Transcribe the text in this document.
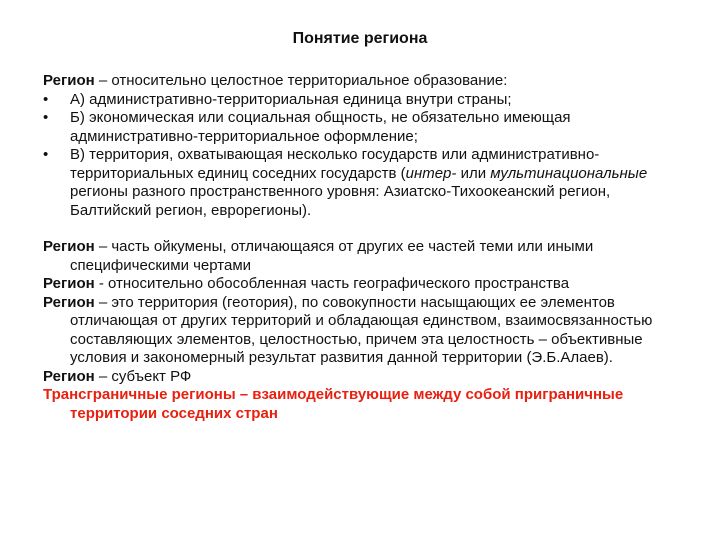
Понятие региона

Регион – относительно целостное территориальное образование:

• А) административно-территориальная единица внутри страны;
• Б) экономическая или социальная общность, не обязательно имеющая административно-территориальное оформление;
• В) территория, охватывающая несколько государств или административно-территориальных единиц соседних государств (интер- или мультинациональные регионы разного пространственного уровня: Азиатско-Тихоокеанский регион, Балтийский регион, еврорегионы).

Регион – часть ойкумены, отличающаяся от других ее частей теми или иными специфическими чертами

Регион - относительно обособленная часть географического пространства

Регион – это территория (геотория), по совокупности насыщающих ее элементов отличающая от других территорий и обладающая единством, взаимосвязанностью составляющих элементов, целостностью, причем эта целостность – объективные условия и закономерный результат развития данной территории (Э.Б.Алаев).

Регион – субъект РФ

Трансграничные регионы – взаимодействующие между собой приграничные территории соседних стран
